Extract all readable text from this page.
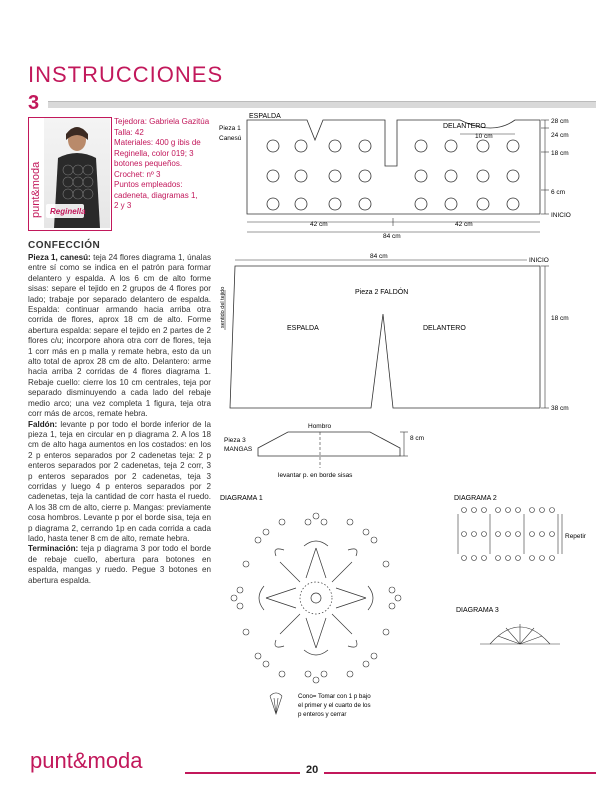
INSTRUCCIONES
3
punt&moda Reginella
Tejedora: Gabriela Gazitúa
Talla: 42
Materiales: 400 g ibis de
Reginella, color 019; 3
botones pequeños.
Crochet: nº 3
Puntos empleados:
cadeneta, diagramas 1,
2 y 3
CONFECCIÓN
Pieza 1, canesú: teja 24 flores diagrama 1, únalas entre sí como se indica en el patrón para formar delantero y espalda. A los 6 cm de alto forme sisas: separe el tejido en 2 grupos de 4 flores por lado; trabaje por separado delantero de espalda. Espalda: continuar armando hacia arriba otra corrida de flores, aprox 18 cm de alto. Forme abertura espalda: separe el tejido en 2 partes de 2 flores c/u; incorpore ahora otra corr de flores, teja 1 corr más en p malla y remate hebra, esto da un alto total de aprox 28 cm de alto. Delantero: arme hacia arriba 2 corridas de 4 flores diagrama 1. Rebaje cuello: cierre los 10 cm centrales, teja por separado disminuyendo a cada lado del rebaje medio arco; una vez completa 1 figura, teja otra corr más de arcos, remate hebra.
Faldón: levante p por todo el borde inferior de la pieza 1, teja en circular en p diagrama 2. A los 18 cm de alto haga aumentos en los costados: en los 2 p enteros separados por 2 cadenetas teja: 2 p enteros separados por 2 cadenetas, teja 2 corr, 3 p enteros separados por 2 cadenetas, teja 3 corridas y luego 4 p enteros separados por 2 cadenetas, teja la cantidad de corr hasta el ruedo. A los 38 cm de alto, cierre p. Mangas: previamente cosa hombros. Levante p por el borde sisa, teja en p diagrama 2, cerrando 1p en cada corrida a cada lado, hasta tener 8 cm de alto, remate hebra.
Terminación: teja p diagrama 3 por todo el borde de rebaje cuello, abertura para botones en espalda, mangas y ruedo. Pegue 3 botones en abertura espalda.
ESPALDA
Pieza 1
Canesú
DELANTERO
10 cm
28 cm
24 cm
18 cm
6 cm
INICIO
42 cm	42 cm
84 cm
84 cm
INICIO
Pieza 2 FALDÓN
sentido del tejido
ESPALDA	DELANTERO
18 cm
38 cm
Hombro
Pieza 3
MANGAS
8 cm
levantar p. en borde sisas
DIAGRAMA 1
Cono= Tomar con 1 p bajo
el primer y el cuarto de los
p enteros y cerrar
DIAGRAMA 2
Repetir
DIAGRAMA 3
punt&moda	20
